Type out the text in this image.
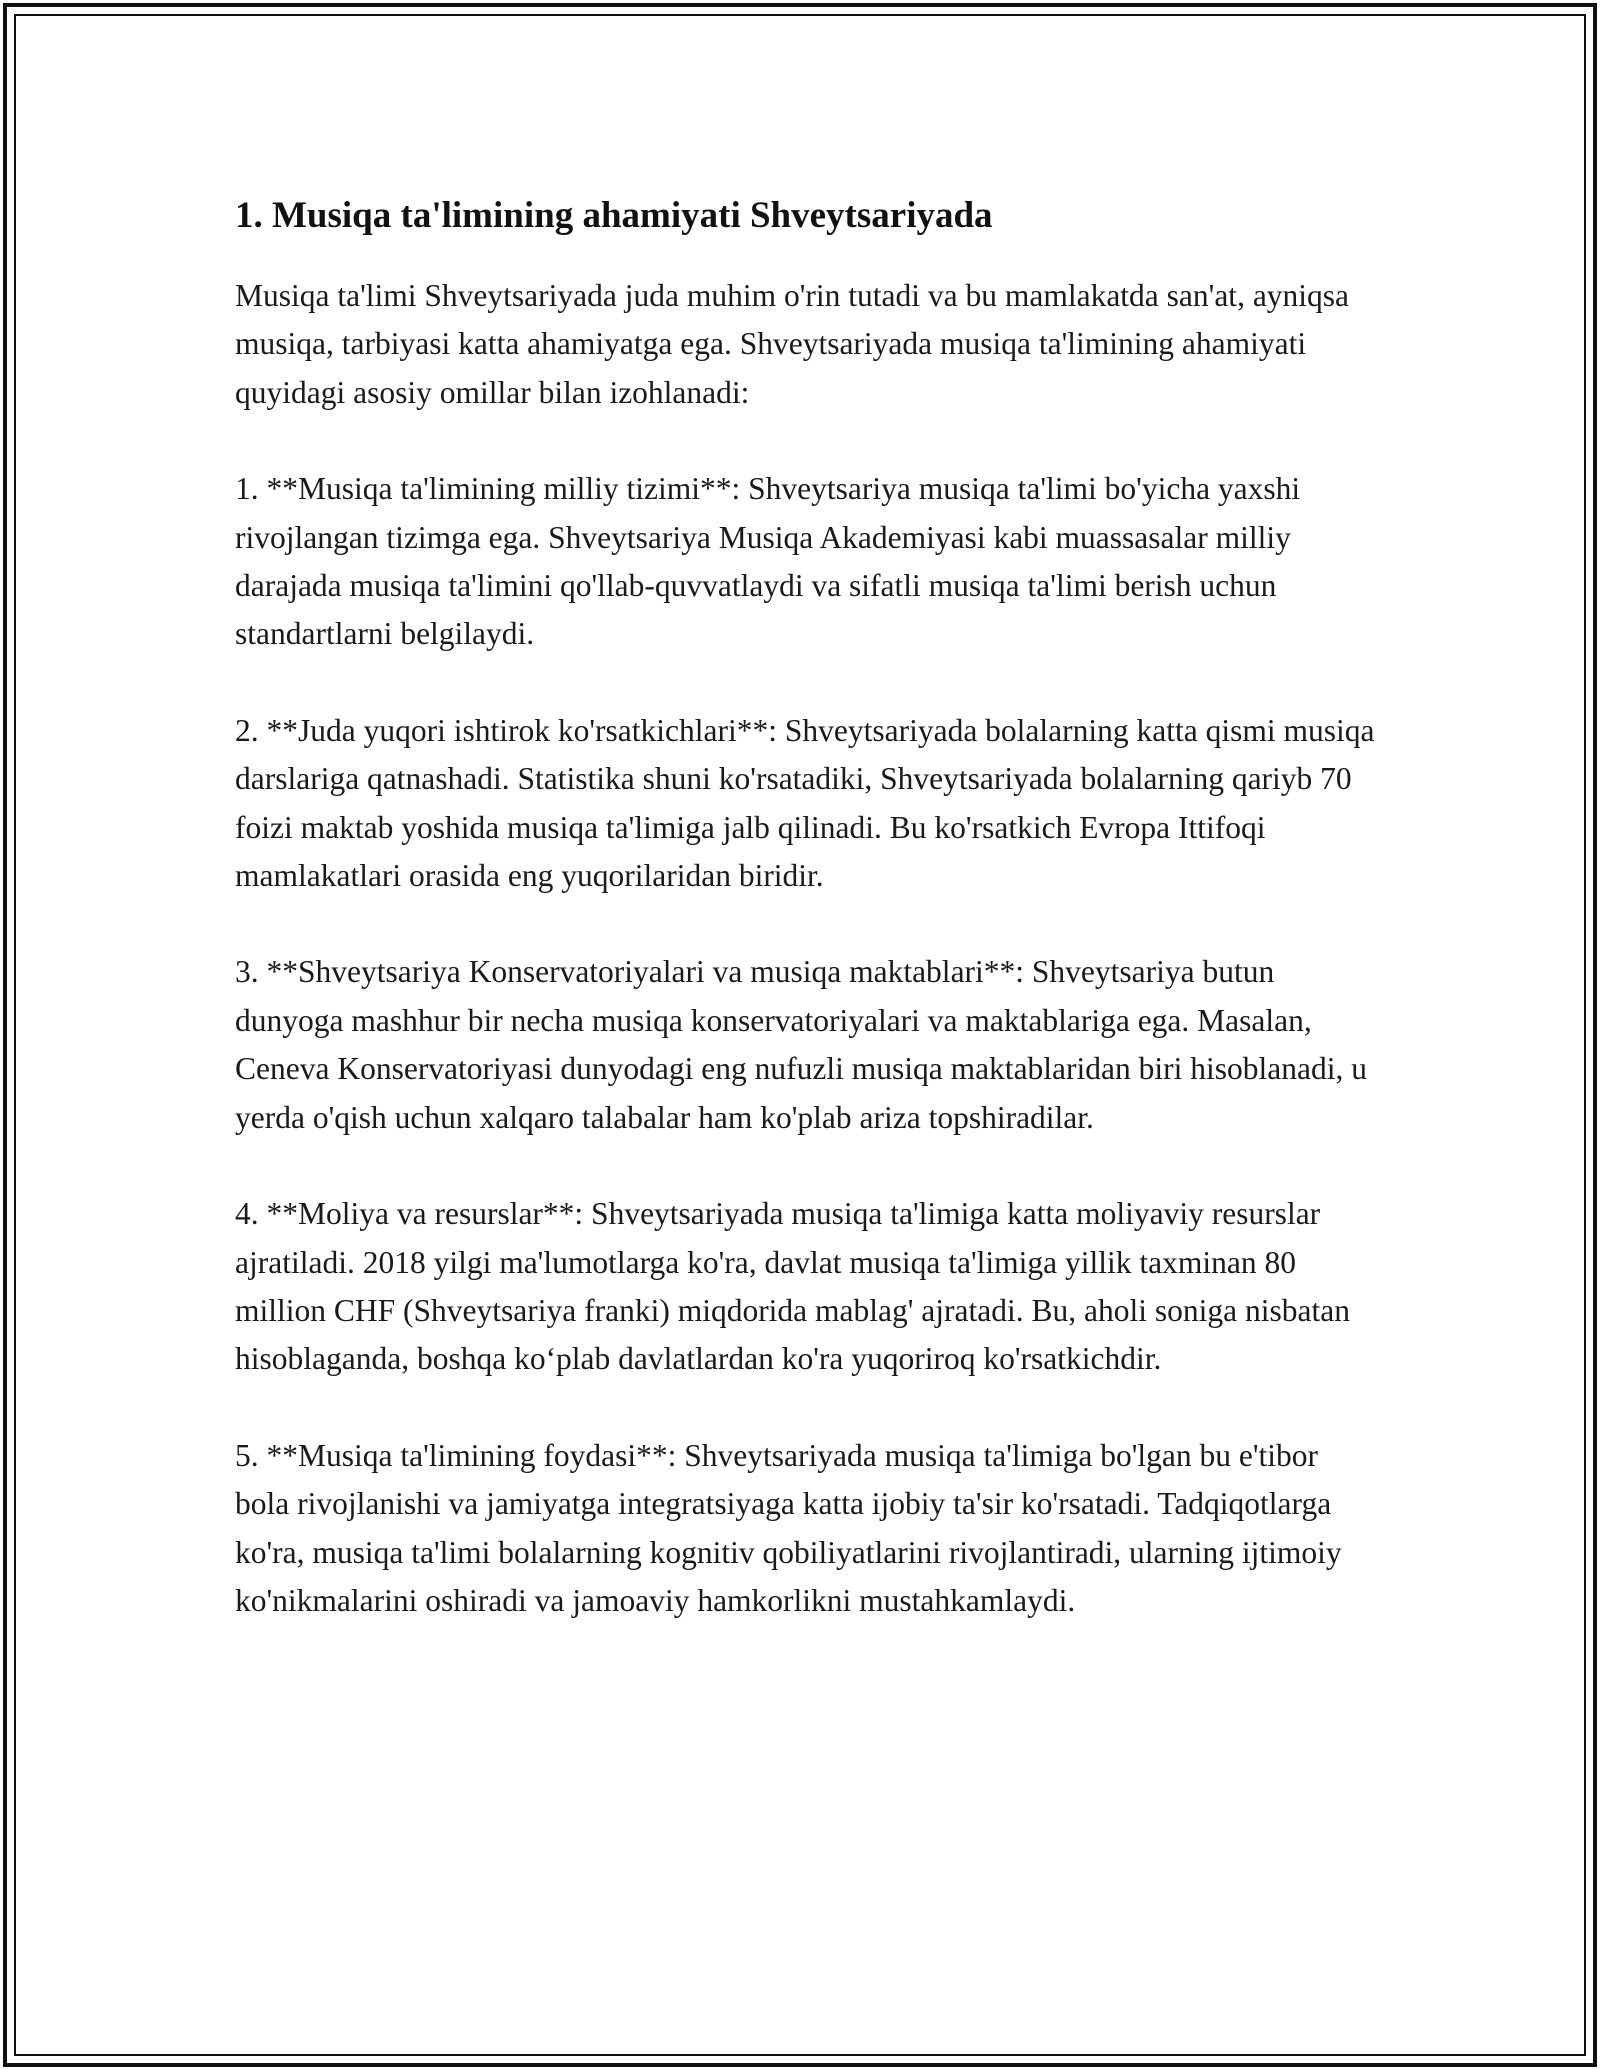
1. Musiqa ta'limining ahamiyati Shveytsariyada

Musiqa ta'limi Shveytsariyada juda muhim o'rin tutadi va bu mamlakatda san'at, ayniqsa musiqa, tarbiyasi katta ahamiyatga ega. Shveytsariyada musiqa ta'limining ahamiyati quyidagi asosiy omillar bilan izohlanadi:

1. **Musiqa ta'limining milliy tizimi**: Shveytsariya musiqa ta'limi bo'yicha yaxshi rivojlangan tizimga ega. Shveytsariya Musiqa Akademiyasi kabi muassasalar milliy darajada musiqa ta'limini qo'llab-quvvatlaydi va sifatli musiqa ta'limi berish uchun standartlarni belgilaydi.

2. **Juda yuqori ishtirok ko'rsatkichlari**: Shveytsariyada bolalarning katta qismi musiqa darslariga qatnashadi. Statistika shuni ko'rsatadiki, Shveytsariyada bolalarning qariyb 70 foizi maktab yoshida musiqa ta'limiga jalb qilinadi. Bu ko'rsatkich Evropa Ittifoqi mamlakatlari orasida eng yuqorilaridan biridir.

3. **Shveytsariya Konservatoriyalari va musiqa maktablari**: Shveytsariya butun dunyoga mashhur bir necha musiqa konservatoriyalari va maktablariga ega. Masalan, Ceneva Konservatoriyasi dunyodagi eng nufuzli musiqa maktablaridan biri hisoblanadi, u yerda o'qish uchun xalqaro talabalar ham ko'plab ariza topshiradilar.

4. **Moliya va resurslar**: Shveytsariyada musiqa ta'limiga katta moliyaviy resurslar ajratiladi. 2018 yilgi ma'lumotlarga ko'ra, davlat musiqa ta'limiga yillik taxminan 80 million CHF (Shveytsariya franki) miqdorida mablag' ajratadi. Bu, aholi soniga nisbatan hisoblaganda, boshqa ko‘plab davlatlardan ko'ra yuqoriroq ko'rsatkichdir.

5. **Musiqa ta'limining foydasi**: Shveytsariyada musiqa ta'limiga bo'lgan bu e'tibor bola rivojlanishi va jamiyatga integratsiyaga katta ijobiy ta'sir ko'rsatadi. Tadqiqotlarga ko'ra, musiqa ta'limi bolalarning kognitiv qobiliyatlarini rivojlantiradi, ularning ijtimoiy ko'nikmalarini oshiradi va jamoaviy hamkorlikni mustahkamlaydi.
